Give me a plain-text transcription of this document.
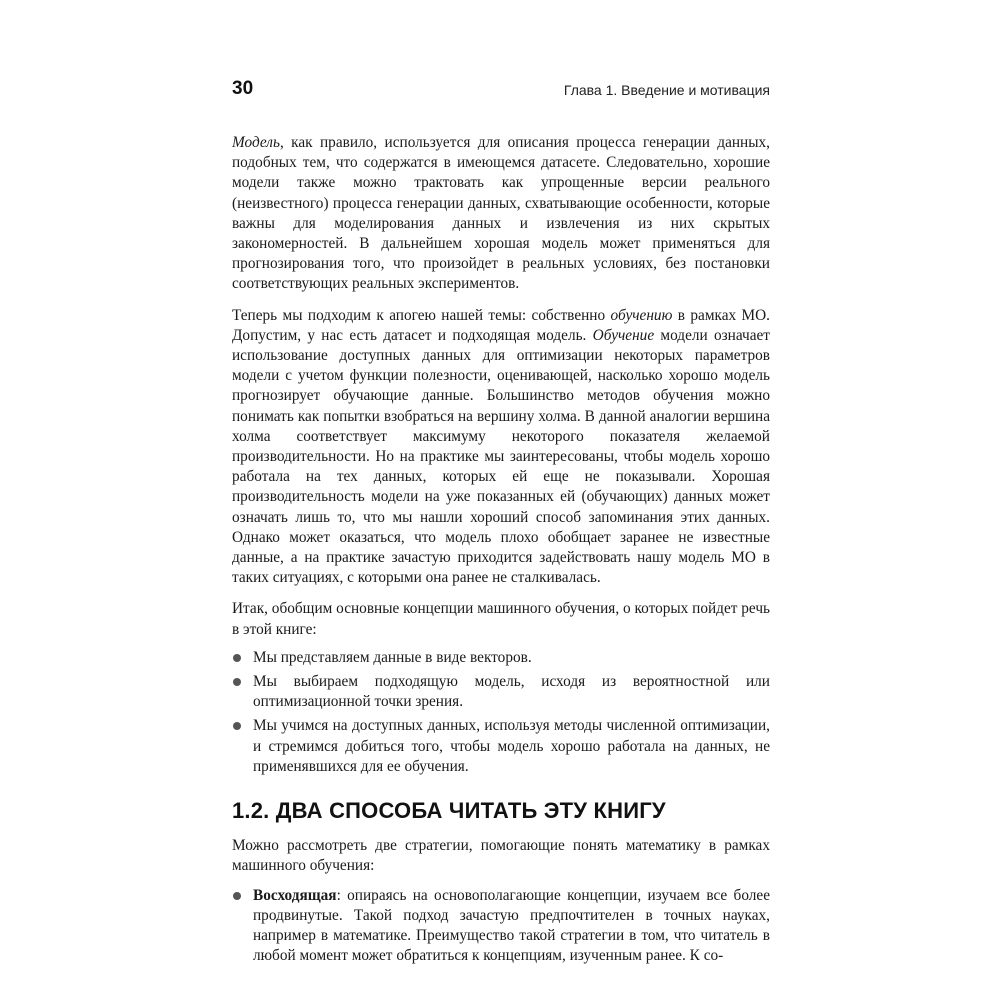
30	Глава 1. Введение и мотивация

Модель, как правило, используется для описания процесса генерации данных, подобных тем, что содержатся в имеющемся датасете. Следовательно, хорошие модели также можно трактовать как упрощенные версии реального (неизвестного) процесса генерации данных, схватывающие особенности, которые важны для моделирования данных и извлечения из них скрытых закономерностей. В дальнейшем хорошая модель может применяться для прогнозирования того, что произойдет в реальных условиях, без постановки соответствующих реальных экспериментов.

Теперь мы подходим к апогею нашей темы: собственно обучению в рамках МО. Допустим, у нас есть датасет и подходящая модель. Обучение модели означает использование доступных данных для оптимизации некоторых параметров модели с учетом функции полезности, оценивающей, насколько хорошо модель прогнозирует обучающие данные. Большинство методов обучения можно понимать как попытки взобраться на вершину холма. В данной аналогии вершина холма соответствует максимуму некоторого показателя желаемой производительности. Но на практике мы заинтересованы, чтобы модель хорошо работала на тех данных, которых ей еще не показывали. Хорошая производительность модели на уже показанных ей (обучающих) данных может означать лишь то, что мы нашли хороший способ запоминания этих данных. Однако может оказаться, что модель плохо обобщает заранее не известные данные, а на практике зачастую приходится задействовать нашу модель МО в таких ситуациях, с которыми она ранее не сталкивалась.

Итак, обобщим основные концепции машинного обучения, о которых пойдет речь в этой книге:

Мы представляем данные в виде векторов.
Мы выбираем подходящую модель, исходя из вероятностной или оптимизационной точки зрения.
Мы учимся на доступных данных, используя методы численной оптимизации, и стремимся добиться того, чтобы модель хорошо работала на данных, не применявшихся для ее обучения.
1.2. ДВА СПОСОБА ЧИТАТЬ ЭТУ КНИГУ

Можно рассмотреть две стратегии, помогающие понять математику в рамках машинного обучения:

Восходящая: опираясь на основополагающие концепции, изучаем все более продвинутые. Такой подход зачастую предпочтителен в точных науках, например в математике. Преимущество такой стратегии в том, что читатель в любой момент может обратиться к концепциям, изученным ранее. К со-
